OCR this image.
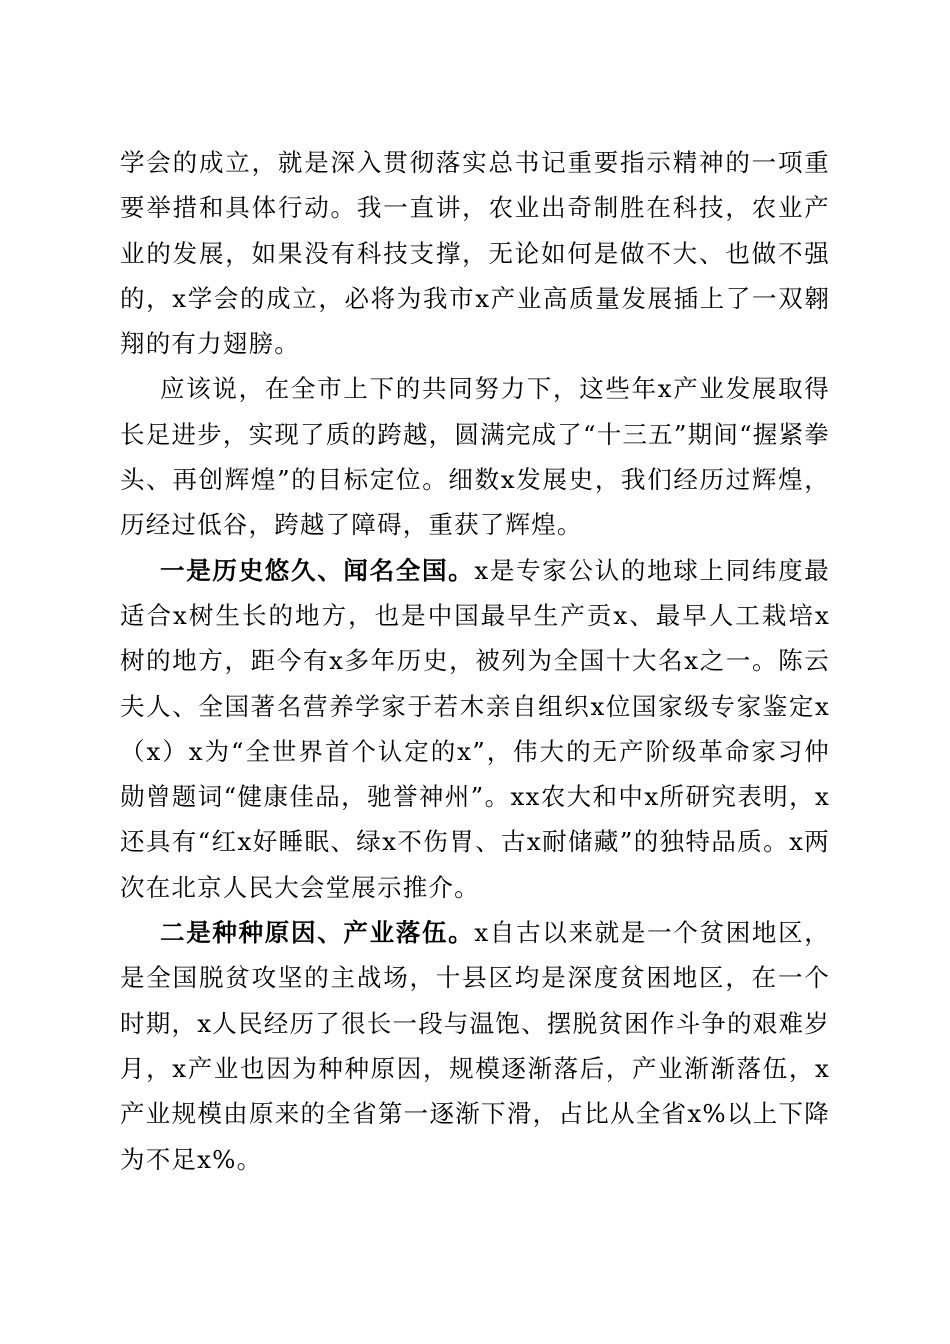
学会的成立，就是深入贯彻落实总书记重要指示精神的一项重要举措和具体行动。我一直讲，农业出奇制胜在科技，农业产业的发展，如果没有科技支撑，无论如何是做不大、也做不强的，x学会的成立，必将为我市x产业高质量发展插上了一双翱翔的有力翅膀。

应该说，在全市上下的共同努力下，这些年x产业发展取得长足进步，实现了质的跨越，圆满完成了“十三五”期间“握紧拳头、再创辉煌”的目标定位。细数x发展史，我们经历过辉煌，历经过低谷，跨越了障碍，重获了辉煌。

一是历史悠久、闻名全国。x是专家公认的地球上同纬度最适合x树生长的地方，也是中国最早生产贡x、最早人工栽培x树的地方，距今有x多年历史，被列为全国十大名x之一。陈云夫人、全国著名营养学家于若木亲自组织x位国家级专家鉴定x（x）x为“全世界首个认定的x”，伟大的无产阶级革命家习仲勋曾题词“健康佳品，驰誉神州”。xx农大和中x所研究表明，x还具有“红x好睡眠、绿x不伤胃、古x耐储藏”的独特品质。x两次在北京人民大会堂展示推介。

二是种种原因、产业落伍。x自古以来就是一个贫困地区，是全国脱贫攻坚的主战场，十县区均是深度贫困地区，在一个时期，x人民经历了很长一段与温饱、摆脱贫困作斗争的艰难岁月，x产业也因为种种原因，规模逐渐落后，产业渐渐落伍，x产业规模由原来的全省第一逐渐下滑，占比从全省x%以上下降为不足x%。
